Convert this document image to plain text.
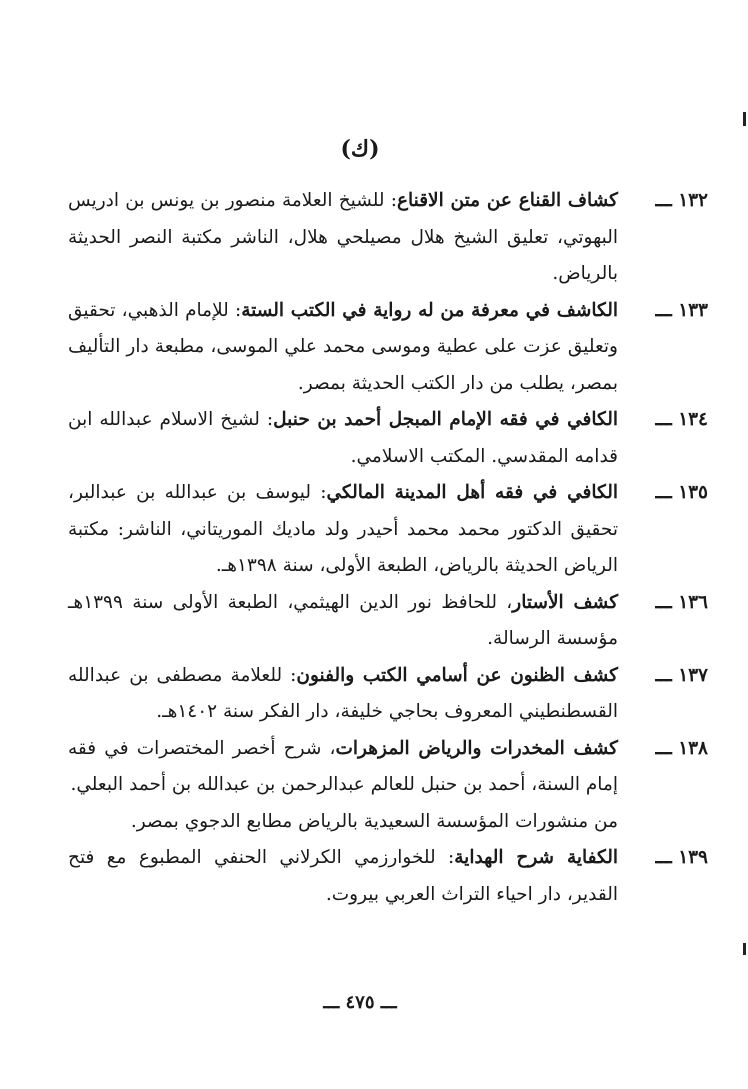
(ك)
١٣٢ ـــ
كشاف القناع عن متن الاقناع: للشيخ العلامة منصور بن يونس بن ادريس البهوتي، تعليق الشيخ هلال مصيلحي هلال، الناشر مكتبة النصر الحديثة بالرياض.
١٣٣ ـــ
الكاشف في معرفة من له رواية في الكتب الستة: للإمام الذهبي، تحقيق وتعليق عزت على عطية وموسى محمد علي الموسى، مطبعة دار التأليف بمصر، يطلب من دار الكتب الحديثة بمصر.
١٣٤ ـــ
الكافي في فقه الإمام المبجل أحمد بن حنبل: لشيخ الاسلام عبدالله ابن قدامه المقدسي. المكتب الاسلامي.
١٣٥ ـــ
الكافي في فقه أهل المدينة المالكي: ليوسف بن عبدالله بن عبدالبر، تحقيق الدكتور محمد محمد أحيدر ولد ماديك الموريتاني، الناشر: مكتبة الرياض الحديثة بالرياض، الطبعة الأولى، سنة ١٣٩٨هـ.
١٣٦ ـــ
كشف الأستار، للحافظ نور الدين الهيثمي، الطبعة الأولى سنة ١٣٩٩هـ مؤسسة الرسالة.
١٣٧ ـــ
كشف الظنون عن أسامي الكتب والفنون: للعلامة مصطفى بن عبدالله القسطنطيني المعروف بحاجي خليفة، دار الفكر سنة ١٤٠٢هـ.
١٣٨ ـــ
كشف المخدرات والرياض المزهرات، شرح أخصر المختصرات في فقه إمام السنة، أحمد بن حنبل للعالم عبدالرحمن بن عبدالله بن أحمد البعلي.
من منشورات المؤسسة السعيدية بالرياض مطابع الدجوي بمصر.
١٣٩ ـــ
الكفاية شرح الهداية: للخوارزمي الكرلاني الحنفي المطبوع مع فتح القدير، دار احياء التراث العربي بيروت.
ـــ ٤٧٥ ـــ
